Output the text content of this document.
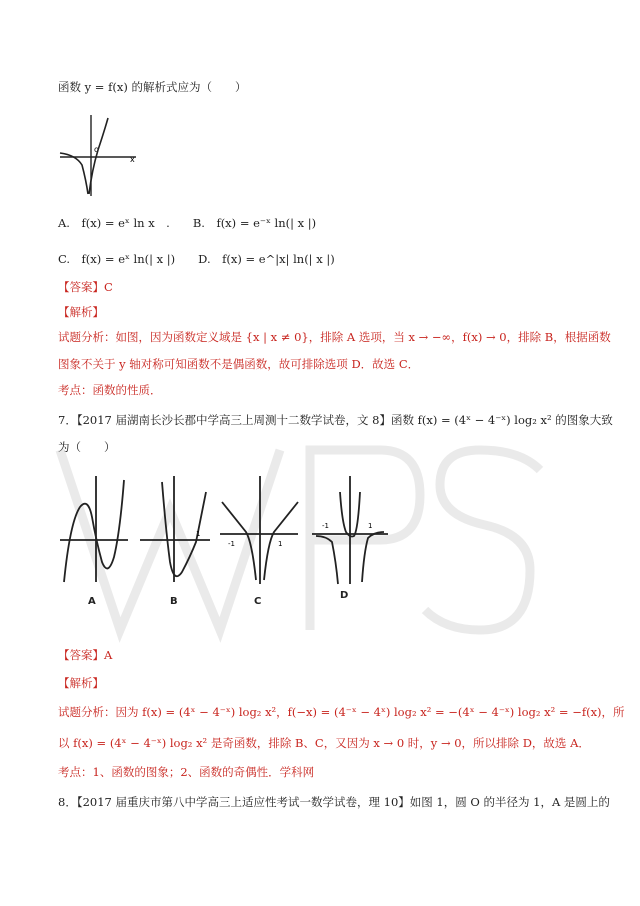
函数 y = f(x) 的解析式应为（　　）
x
o
A.　f(x) = eˣ ln x　.　　B.　f(x) = e⁻ˣ ln(| x |)
C.　f(x) = eˣ ln(| x |)　　D.　f(x) = e^|x| ln(| x |)
【答案】C
【解析】
试题分析：如图，因为函数定义域是 {x | x ≠ 0}，排除 A 选项，当 x → −∞，f(x) → 0，排除 B，根据函数
图象不关于 y 轴对称可知函数不是偶函数，故可排除选项 D．故选 C．
考点：函数的性质．
7．【2017 届湖南长沙长郡中学高三上周测十二数学试卷，文 8】函数 f(x) = (4ˣ − 4⁻ˣ) log₂ x² 的图象大致
为（　　）
A
1
B
-1	1
C
-1	1
D
【答案】A
【解析】
试题分析：因为 f(x) = (4ˣ − 4⁻ˣ) log₂ x²，f(−x) = (4⁻ˣ − 4ˣ) log₂ x² = −(4ˣ − 4⁻ˣ) log₂ x² = −f(x)，所
以 f(x) = (4ˣ − 4⁻ˣ) log₂ x² 是奇函数，排除 B、C，又因为 x → 0 时，y → 0，所以排除 D，故选 A．
考点：1、函数的图象；2、函数的奇偶性．学科网
8．【2017 届重庆市第八中学高三上适应性考试一数学试卷，理 10】如图 1，圆 O 的半径为 1，A 是圆上的
